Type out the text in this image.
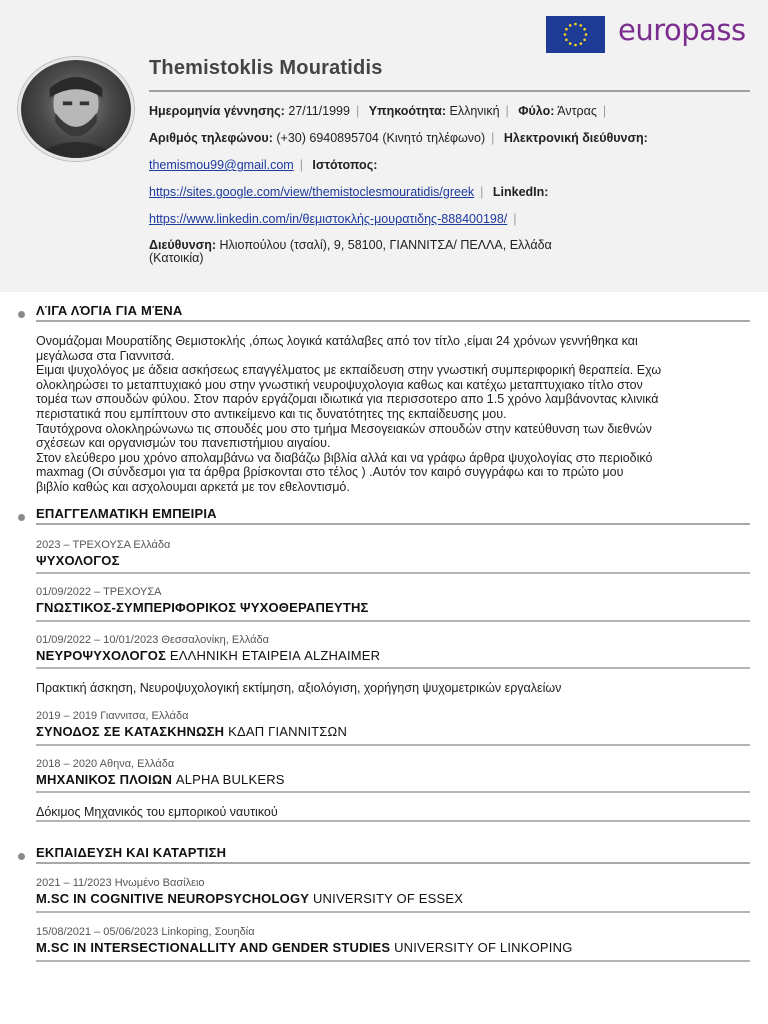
europass
Themistoklis Mouratidis
Ημερομηνία γέννησης: 27/11/1999 | Υπηκοότητα: Ελληνική | Φύλο: Άντρας |
Αριθμός τηλεφώνου: (+30) 6940895704 (Κινητό τηλέφωνο) | Ηλεκτρονική διεύθυνση:
themismou99@gmail.com | Ιστότοπος:
https://sites.google.com/view/themistoclesmouratidis/greek | LinkedIn:
https://www.linkedin.com/in/θεμιστοκλής-μουρατιδης-888400198/ |
Διεύθυνση: Ηλιοπούλου (τσαλί), 9, 58100, ΓΙΑΝΝΙΤΣΑ/ ΠΕΛΛΑ, Ελλάδα
(Κατοικία)
ΛΊΓΑ ΛΌΓΙΑ ΓΙΑ ΜΈΝΑ
Ονομάζομαι Μουρατίδης Θεμιστοκλής ,όπως λογικά κατάλαβες από τον τίτλο ,είμαι 24 χρόνων γεννήθηκα και
μεγάλωσα στα Γιαννιτσά.
Ειμαι ψυχολόγος με άδεια ασκήσεως επαγγέλματος με εκπαίδευση στην γνωστική συμπεριφορική θεραπεία. Εχω
ολοκληρώσει το μεταπτυχιακό μου στην γνωστική νευροψυχολογια καθως και κατέχω μεταπτυχιακο τίτλο στον
τομέα των σπουδών φύλου. Στον παρόν εργάζομαι ιδιωτικά για περισσοτερο απο 1.5 χρόνο λαμβάνοντας κλινικά
περιστατικά που εμπίπτουν στο αντικείμενο και τις δυνατότητες της εκπαίδευσης μου.
Ταυτόχρονα ολοκληρώνωνω τις σπουδές μου στο τμήμα Μεσογειακών σπουδών στην κατεύθυνση των διεθνών
σχέσεων και οργανισμών του πανεπιστήμιου αιγαίου.
Στον ελεύθερο μου χρόνο απολαμβάνω να διαβάζω βιβλία αλλά και να γράφω άρθρα ψυχολογίας στο περιοδικό
maxmag (Οι σύνδεσμοι για τα άρθρα βρίσκονται στο τέλος ) .Αυτόν τον καιρό συγγράφω και το πρώτο μου
βιβλίο καθώς και ασχολουμαι αρκετά με τον εθελοντισμό.
ΕΠΑΓΓΕΛΜΑΤΙΚΗ ΕΜΠΕΙΡΙΑ
2023 – ΤΡΕΧΟΥΣΑ Ελλάδα
ΨΥΧΟΛΟΓΟΣ
01/09/2022 – ΤΡΕΧΟΥΣΑ
ΓΝΩΣΤΙΚΟΣ-ΣΥΜΠΕΡΙΦΟΡΙΚΟΣ ΨΥΧΟΘΕΡΑΠΕΥΤΗΣ
01/09/2022 – 10/01/2023 Θεσσαλονίκη, Ελλάδα
ΝΕΥΡΟΨΥΧΟΛΟΓΟΣ ΕΛΛΗΝΙΚΗ ΕΤΑΙΡΕΙΑ ALZHAIMER
Πρακτική άσκηση, Νευροψυχολογική εκτίμηση, αξιολόγιση, χορήγηση ψυχομετρικών εργαλείων
2019 – 2019 Γιαννιτσα, Ελλάδα
ΣΥΝΟΔΟΣ ΣΕ ΚΑΤΑΣΚΗΝΩΣΗ ΚΔΑΠ ΓΙΑΝΝΙΤΣΩΝ
2018 – 2020 Αθηνα, Ελλάδα
ΜΗΧΑΝΙΚΟΣ ΠΛΟΙΩΝ ALPHA BULKERS
Δόκιμος Μηχανικός του εμπορικού ναυτικού
ΕΚΠΑΙΔΕΥΣΗ ΚΑΙ ΚΑΤΑΡΤΙΣΗ
2021 – 11/2023 Ηνωμένο Βασίλειο
M.SC IN COGNITIVE NEUROPSYCHOLOGY UNIVERSITY OF ESSEX
15/08/2021 – 05/06/2023 Linkoping, Σουηδία
M.SC IN INTERSECTIONALLITY AND GENDER STUDIES UNIVERSITY OF LINKOPING
